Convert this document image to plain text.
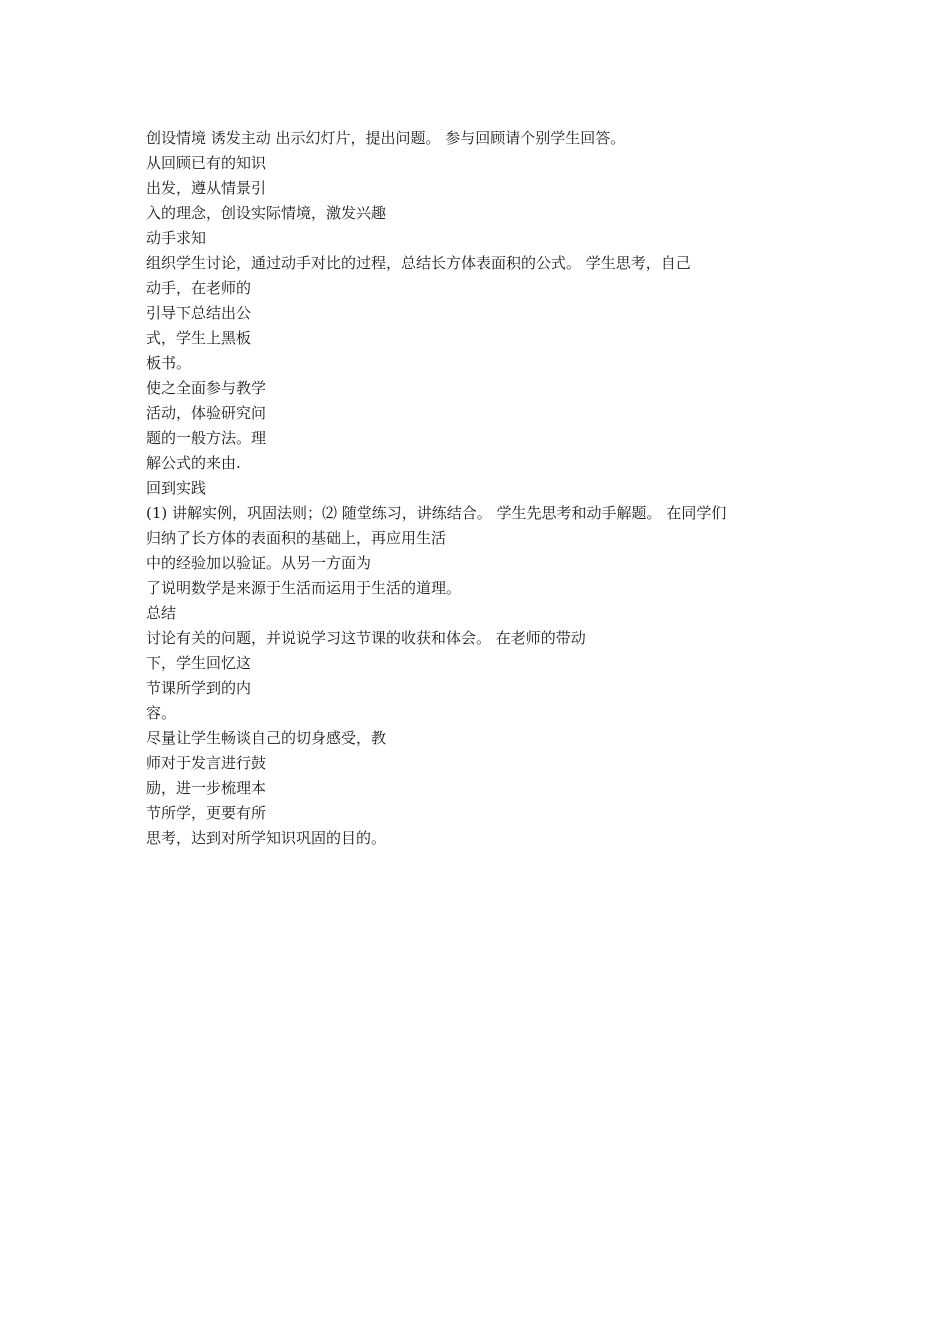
创设情境 诱发主动 出示幻灯片，提出问题。 参与回顾请个别学生回答。
从回顾已有的知识
出发，遵从情景引
入的理念，创设实际情境，激发兴趣
动手求知
组织学生讨论，通过动手对比的过程，总结长方体表面积的公式。 学生思考，自己
动手，在老师的
引导下总结出公
式，学生上黑板
板书。
使之全面参与教学
活动，体验研究问
题的一般方法。理
解公式的来由.
回到实践
(1) 讲解实例，巩固法则；⑵ 随堂练习，讲练结合。 学生先思考和动手解题。 在同学们
归纳了长方体的表面积的基础上，再应用生活
中的经验加以验证。从另一方面为
了说明数学是来源于生活而运用于生活的道理。
总结
讨论有关的问题，并说说学习这节课的收获和体会。 在老师的带动
下，学生回忆这
节课所学到的内
容。
尽量让学生畅谈自己的切身感受，教
师对于发言进行鼓
励，进一步梳理本
节所学，更要有所
思考，达到对所学知识巩固的目的。
